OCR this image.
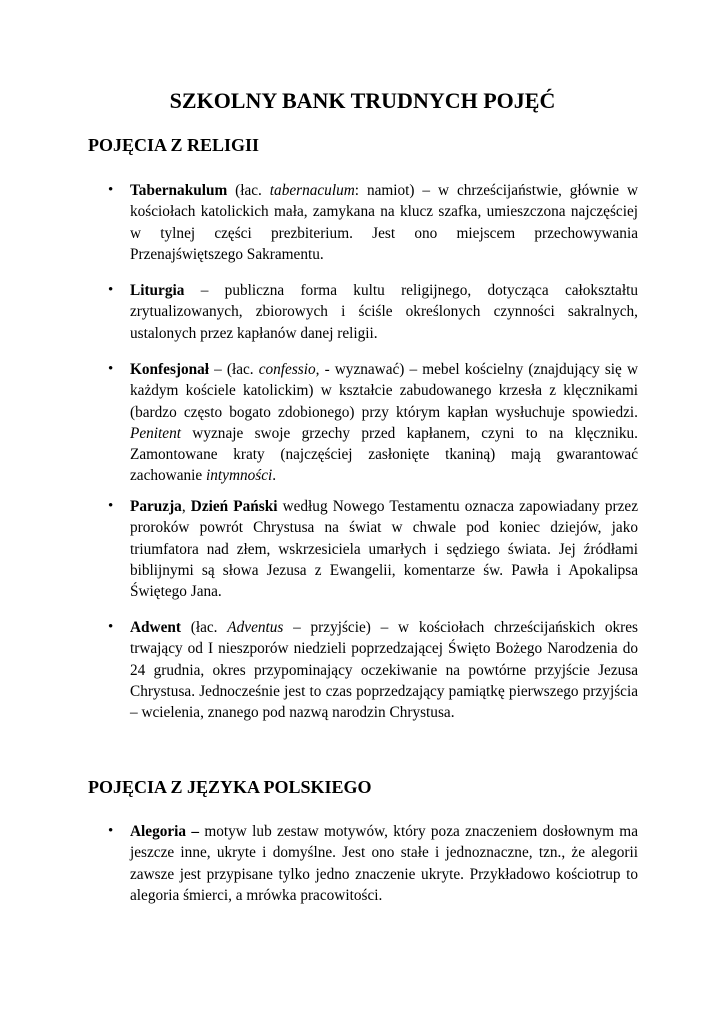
SZKOLNY BANK TRUDNYCH POJĘĆ
POJĘCIA Z RELIGII

• Tabernakulum (łac. tabernaculum: namiot) – w chrześcijaństwie, głównie w kościołach katolickich mała, zamykana na klucz szafka, umieszczona najczęściej w tylnej części prezbiterium. Jest ono miejscem przechowywania Przenajświętszego Sakramentu.

• Liturgia – publiczna forma kultu religijnego, dotycząca całokształtu zrytualizowanych, zbiorowych i ściśle określonych czynności sakralnych, ustalonych przez kapłanów danej religii.

• Konfesjonał – (łac. confessio, - wyznawać) – mebel kościelny (znajdujący się w każdym kościele katolickim) w kształcie zabudowanego krzesła z klęcznikami (bardzo często bogato zdobionego) przy którym kapłan wysłuchuje spowiedzi. Penitent wyznaje swoje grzechy przed kapłanem, czyni to na klęczniku. Zamontowane kraty (najczęściej zasłonięte tkaniną) mają gwarantować zachowanie intymności.

• Paruzja, Dzień Pański według Nowego Testamentu oznacza zapowiadany przez proroków powrót Chrystusa na świat w chwale pod koniec dziejów, jako triumfatora nad złem, wskrzesiciela umarłych i sędziego świata. Jej źródłami biblijnymi są słowa Jezusa z Ewangelii, komentarze św. Pawła i Apokalipsa Świętego Jana.

• Adwent (łac. Adventus – przyjście) – w kościołach chrześcijańskich okres trwający od I nieszporów niedzieli poprzedzającej Święto Bożego Narodzenia do 24 grudnia, okres przypominający oczekiwanie na powtórne przyjście Jezusa Chrystusa. Jednocześnie jest to czas poprzedzający pamiątkę pierwszego przyjścia – wcielenia, znanego pod nazwą narodzin Chrystusa.

POJĘCIA Z JĘZYKA POLSKIEGO

• Alegoria – motyw lub zestaw motywów, który poza znaczeniem dosłownym ma jeszcze inne, ukryte i domyślne. Jest ono stałe i jednoznaczne, tzn., że alegorii zawsze jest przypisane tylko jedno znaczenie ukryte. Przykładowo kościotrup to alegoria śmierci, a mrówka pracowitości.
